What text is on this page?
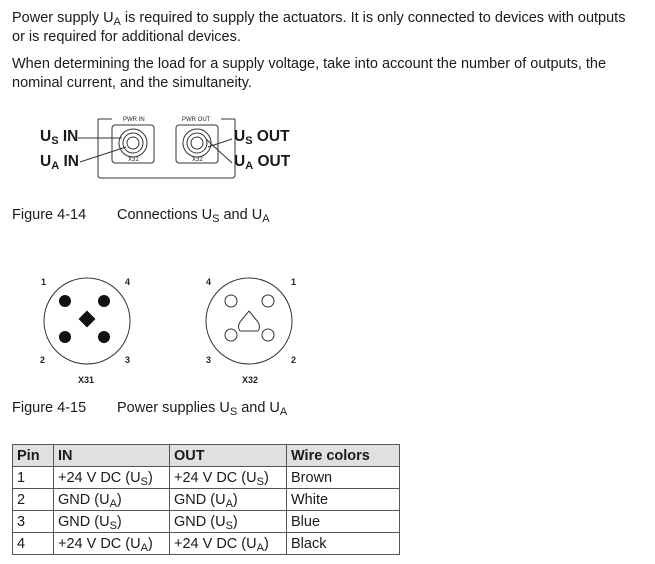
Power supply $U_A$ is required to supply the actuators. It is only connected to devices with outputs or is required for additional devices.

When determining the load for a supply voltage, take into account the number of outputs, the nominal current, and the simultaneity.

$U_S$ IN
$U_A$ IN
$U_S$ OUT
$U_A$ OUT
PWR IN	PWR OUT
X31	X32
Figure 4-14 Connections $U_S$ and $U_A$
1	4
2	3
X31
4	1
3	2
X32
Figure 4-15 Power supplies $U_S$ and $U_A$
Pin	IN	OUT	Wire colors
1	+24 V DC $(U_S)$	+24 V DC $(U_S)$	Brown
2	GND $(U_A)$	GND $(U_A)$	White
3	GND $(U_S)$	GND $(U_S)$	Blue
4	+24 V DC $(U_A)$	+24 V DC $(U_A)$	Black
